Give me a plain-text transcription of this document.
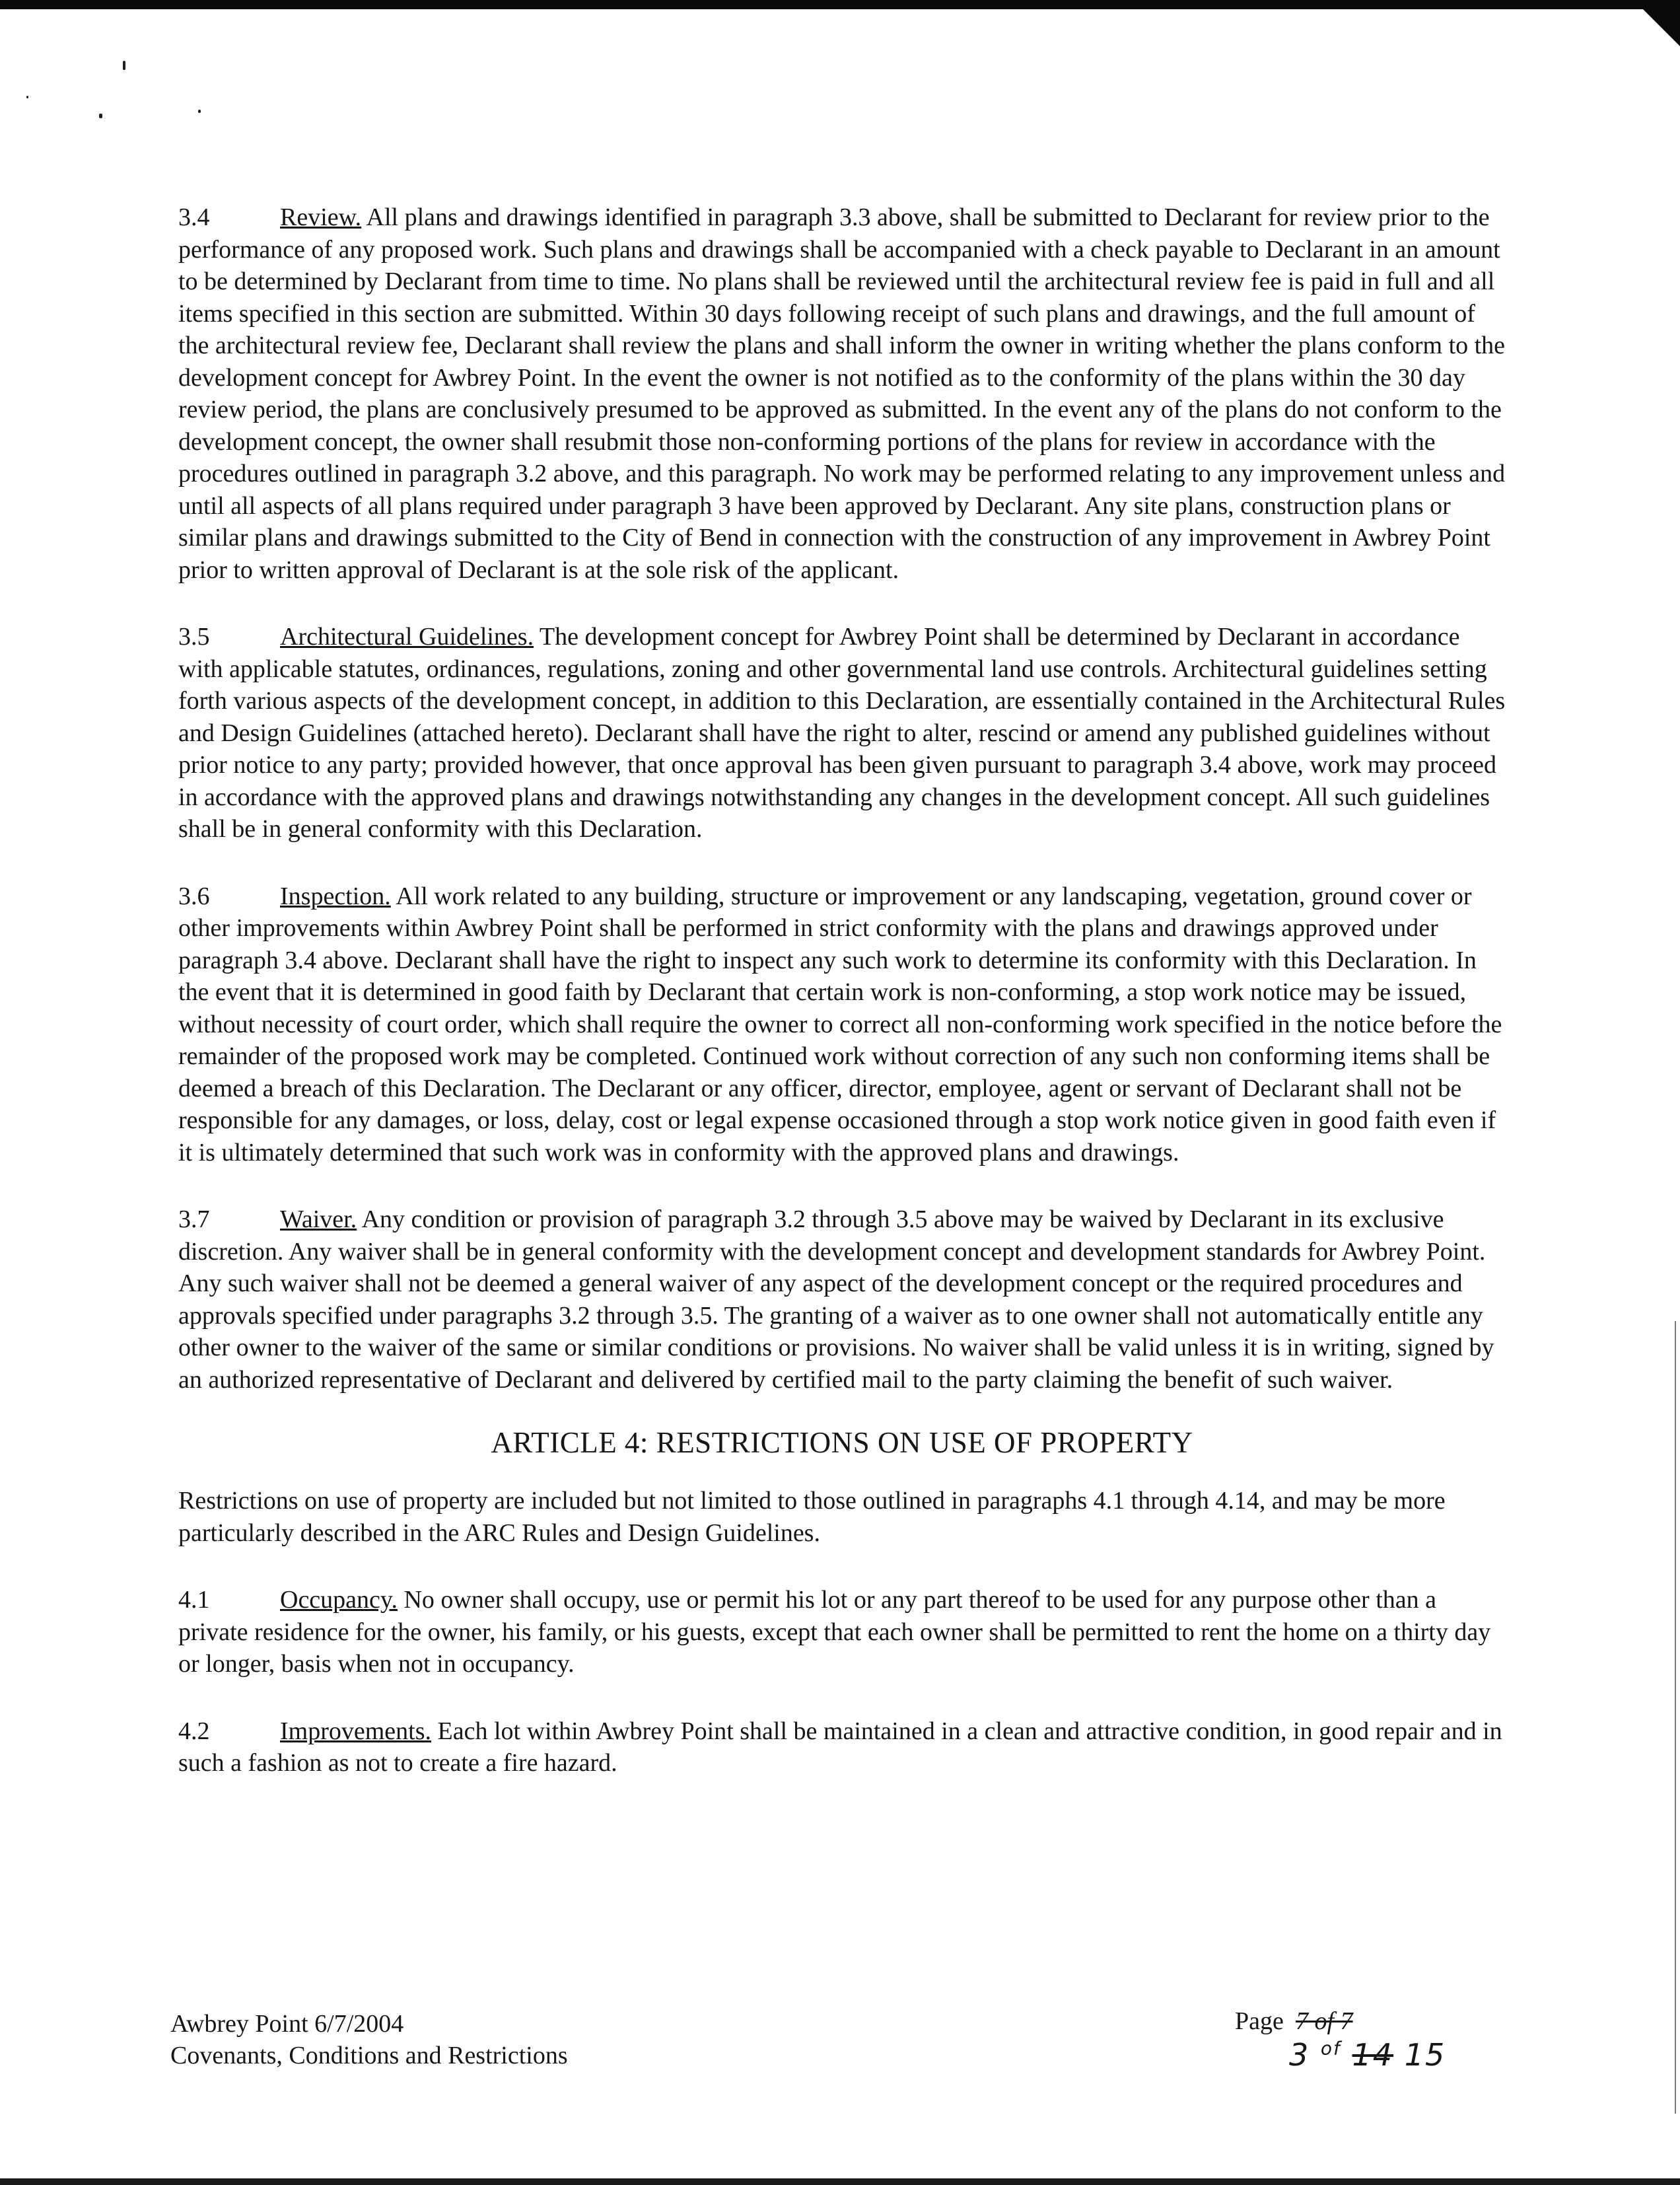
3.4	Review. All plans and drawings identified in paragraph 3.3 above, shall be submitted to Declarant for review prior to the performance of any proposed work. Such plans and drawings shall be accompanied with a check payable to Declarant in an amount to be determined by Declarant from time to time. No plans shall be reviewed until the architectural review fee is paid in full and all items specified in this section are submitted. Within 30 days following receipt of such plans and drawings, and the full amount of the architectural review fee, Declarant shall review the plans and shall inform the owner in writing whether the plans conform to the development concept for Awbrey Point. In the event the owner is not notified as to the conformity of the plans within the 30 day review period, the plans are conclusively presumed to be approved as submitted. In the event any of the plans do not conform to the development concept, the owner shall resubmit those non-conforming portions of the plans for review in accordance with the procedures outlined in paragraph 3.2 above, and this paragraph. No work may be performed relating to any improvement unless and until all aspects of all plans required under paragraph 3 have been approved by Declarant. Any site plans, construction plans or similar plans and drawings submitted to the City of Bend in connection with the construction of any improvement in Awbrey Point prior to written approval of Declarant is at the sole risk of the applicant.

3.5	Architectural Guidelines. The development concept for Awbrey Point shall be determined by Declarant in accordance with applicable statutes, ordinances, regulations, zoning and other governmental land use controls. Architectural guidelines setting forth various aspects of the development concept, in addition to this Declaration, are essentially contained in the Architectural Rules and Design Guidelines (attached hereto). Declarant shall have the right to alter, rescind or amend any published guidelines without prior notice to any party; provided however, that once approval has been given pursuant to paragraph 3.4 above, work may proceed in accordance with the approved plans and drawings notwithstanding any changes in the development concept. All such guidelines shall be in general conformity with this Declaration.

3.6	Inspection. All work related to any building, structure or improvement or any landscaping, vegetation, ground cover or other improvements within Awbrey Point shall be performed in strict conformity with the plans and drawings approved under paragraph 3.4 above. Declarant shall have the right to inspect any such work to determine its conformity with this Declaration. In the event that it is determined in good faith by Declarant that certain work is non-conforming, a stop work notice may be issued, without necessity of court order, which shall require the owner to correct all non-conforming work specified in the notice before the remainder of the proposed work may be completed. Continued work without correction of any such non conforming items shall be deemed a breach of this Declaration. The Declarant or any officer, director, employee, agent or servant of Declarant shall not be responsible for any damages, or loss, delay, cost or legal expense occasioned through a stop work notice given in good faith even if it is ultimately determined that such work was in conformity with the approved plans and drawings.

3.7	Waiver. Any condition or provision of paragraph 3.2 through 3.5 above may be waived by Declarant in its exclusive discretion. Any waiver shall be in general conformity with the development concept and development standards for Awbrey Point. Any such waiver shall not be deemed a general waiver of any aspect of the development concept or the required procedures and approvals specified under paragraphs 3.2 through 3.5. The granting of a waiver as to one owner shall not automatically entitle any other owner to the waiver of the same or similar conditions or provisions. No waiver shall be valid unless it is in writing, signed by an authorized representative of Declarant and delivered by certified mail to the party claiming the benefit of such waiver.

ARTICLE 4: RESTRICTIONS ON USE OF PROPERTY

Restrictions on use of property are included but not limited to those outlined in paragraphs 4.1 through 4.14, and may be more particularly described in the ARC Rules and Design Guidelines.

4.1	Occupancy. No owner shall occupy, use or permit his lot or any part thereof to be used for any purpose other than a private residence for the owner, his family, or his guests, except that each owner shall be permitted to rent the home on a thirty day or longer, basis when not in occupancy.

4.2	Improvements. Each lot within Awbrey Point shall be maintained in a clean and attractive condition, in good repair and in such a fashion as not to create a fire hazard.

Awbrey Point 6/7/2004
Covenants, Conditions and Restrictions
Page 7 of 7
3 $^{of}$ 14 15
